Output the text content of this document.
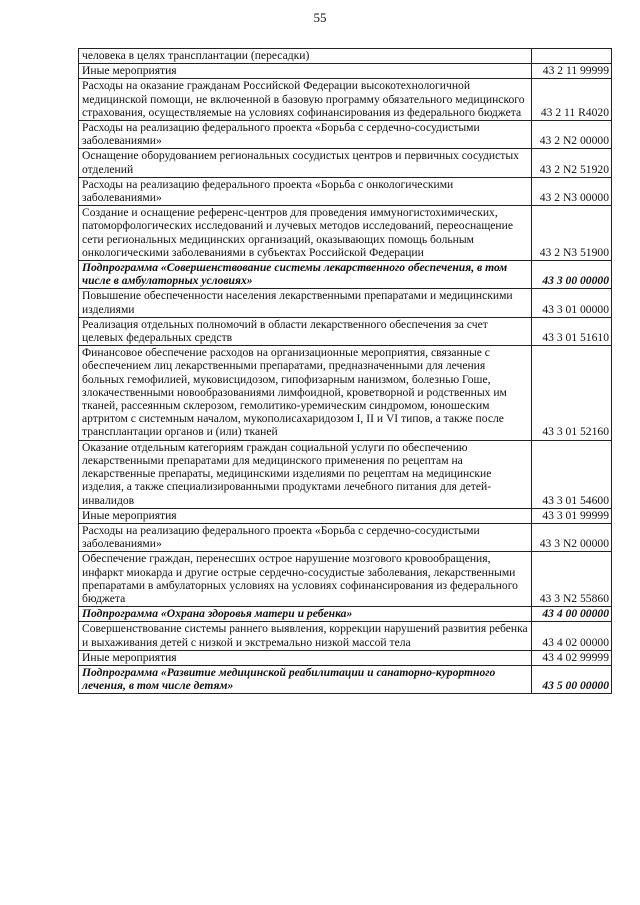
55
человека в целях трансплантации (пересадки)	
Иные мероприятия	43 2 11 99999
Расходы на оказание гражданам Российской Федерации высокотехнологичной медицинской помощи, не включенной в базовую программу обязательного медицинского страхования, осуществляемые на условиях софинансирования из федерального бюджета	43 2 11 R4020
Расходы на реализацию федерального проекта «Борьба с сердечно-сосудистыми заболеваниями»	43 2 N2 00000
Оснащение оборудованием региональных сосудистых центров и первичных сосудистых отделений	43 2 N2 51920
Расходы на реализацию федерального проекта «Борьба с онкологическими заболеваниями»	43 2 N3 00000
Создание и оснащение референс-центров для проведения иммуногистохимических, патоморфологических исследований и лучевых методов исследований, переоснащение сети региональных медицинских организаций, оказывающих помощь больным онкологическими заболеваниями в субъектах Российской Федерации	43 2 N3 51900
Подпрограмма «Совершенствование системы лекарственного обеспечения, в том числе в амбулаторных условиях»	43 3 00 00000
Повышение обеспеченности населения лекарственными препаратами и медицинскими изделиями	43 3 01 00000
Реализация отдельных полномочий в области лекарственного обеспечения за счет целевых федеральных средств	43 3 01 51610
Финансовое обеспечение расходов на организационные мероприятия, связанные с обеспечением лиц лекарственными препаратами, предназначенными для лечения больных гемофилией, муковисцидозом, гипофизарным нанизмом, болезнью Гоше, злокачественными новообразованиями лимфоидной, кроветворной и родственных им тканей, рассеянным склерозом, гемолитико-уремическим синдромом, юношеским артритом с системным началом, мукополисахаридозом I, II и VI типов, а также после трансплантации органов и (или) тканей	43 3 01 52160
Оказание отдельным категориям граждан социальной услуги по обеспечению лекарственными препаратами для медицинского применения по рецептам на лекарственные препараты, медицинскими изделиями по рецептам на медицинские изделия, а также специализированными продуктами лечебного питания для детей-инвалидов	43 3 01 54600
Иные мероприятия	43 3 01 99999
Расходы на реализацию федерального проекта «Борьба с сердечно-сосудистыми заболеваниями»	43 3 N2 00000
Обеспечение граждан, перенесших острое нарушение мозгового кровообращения, инфаркт миокарда и другие острые сердечно-сосудистые заболевания, лекарственными препаратами в амбулаторных условиях на условиях софинансирования из федерального бюджета	43 3 N2 55860
Подпрограмма «Охрана здоровья матери и ребенка»	43 4 00 00000
Совершенствование системы раннего выявления, коррекции нарушений развития ребенка и выхаживания детей с низкой и экстремально низкой массой тела	43 4 02 00000
Иные мероприятия	43 4 02 99999
Подпрограмма «Развитие медицинской реабилитации и санаторно-курортного лечения, в том числе детям»	43 5 00 00000
